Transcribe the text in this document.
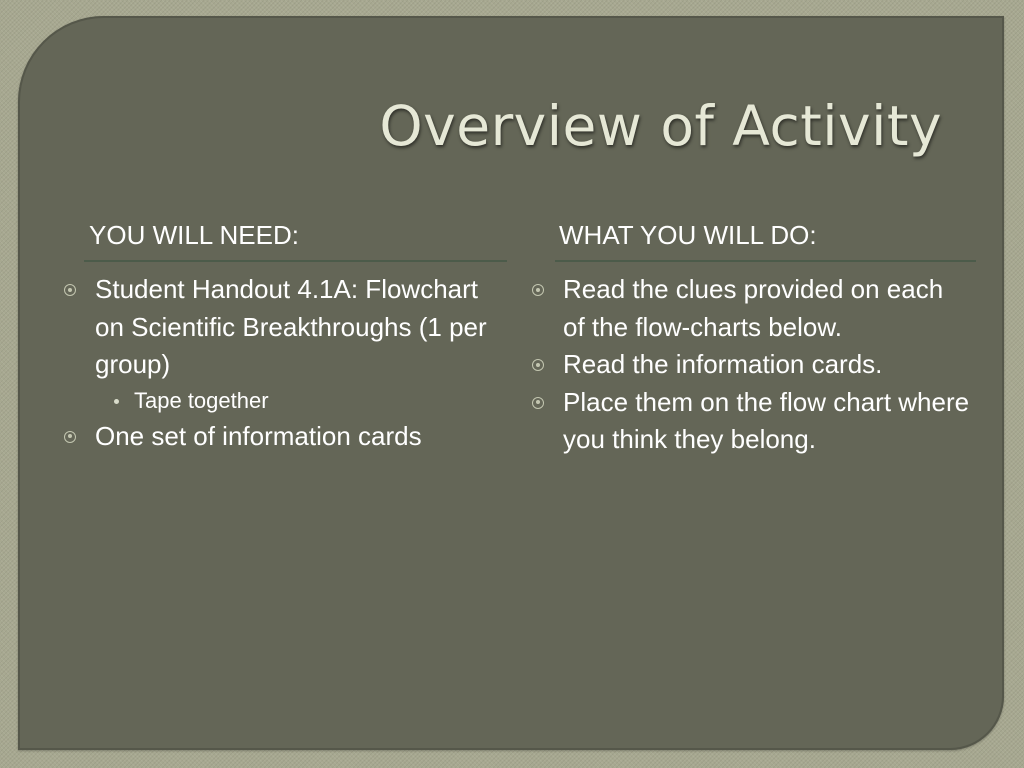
Overview of Activity
YOU WILL NEED:	WHAT YOU WILL DO:
Student Handout 4.1A: Flowchart on Scientific Breakthroughs (1 per group)
Tape together
One set of information cards
Read the clues provided on each of the flow-charts below.
Read the information cards.
Place them on the flow chart where you think they belong.
